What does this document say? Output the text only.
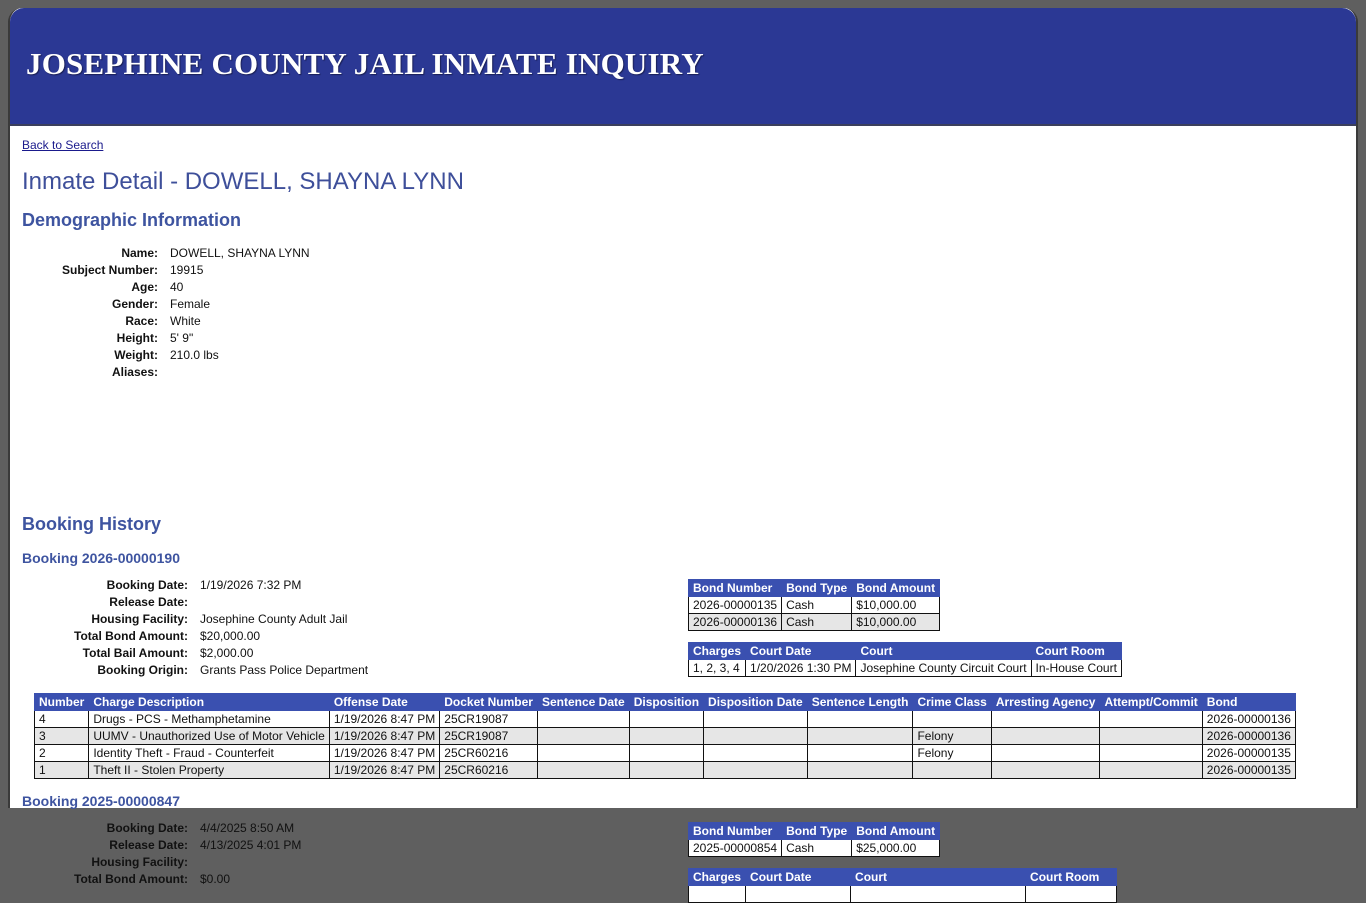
JOSEPHINE COUNTY JAIL INMATE INQUIRY
Back to Search
Inmate Detail - DOWELL, SHAYNA LYNN
Demographic Information
Name:	DOWELL, SHAYNA LYNN
Subject Number:	19915
Age:	40
Gender:	Female
Race:	White
Height:	5' 9"
Weight:	210.0 lbs
Aliases:	
Booking History
Booking 2026-00000190
Booking Date:	1/19/2026 7:32 PM
Release Date:	
Housing Facility:	Josephine County Adult Jail
Total Bond Amount:	$20,000.00
Total Bail Amount:	$2,000.00
Booking Origin:	Grants Pass Police Department
Bond Number	Bond Type	Bond Amount
2026-00000135	Cash	$10,000.00
2026-00000136	Cash	$10,000.00
Charges	Court Date	Court	Court Room
1, 2, 3, 4	1/20/2026 1:30 PM	Josephine County Circuit Court	In-House Court
Number	Charge Description	Offense Date	Docket Number	Sentence Date	Disposition	Disposition Date	Sentence Length	Crime Class	Arresting Agency	Attempt/Commit	Bond
4	Drugs - PCS - Methamphetamine	1/19/2026 8:47 PM	25CR19087								2026-00000136
3	UUMV - Unauthorized Use of Motor Vehicle	1/19/2026 8:47 PM	25CR19087					Felony			2026-00000136
2	Identity Theft - Fraud - Counterfeit	1/19/2026 8:47 PM	25CR60216					Felony			2026-00000135
1	Theft II - Stolen Property	1/19/2026 8:47 PM	25CR60216								2026-00000135
Booking 2025-00000847
Booking Date:	4/4/2025 8:50 AM
Release Date:	4/13/2025 4:01 PM
Housing Facility:	
Total Bond Amount:	$0.00
Bond Number	Bond Type	Bond Amount
2025-00000854	Cash	$25,000.00
Charges	Court Date	Court	Court Room
